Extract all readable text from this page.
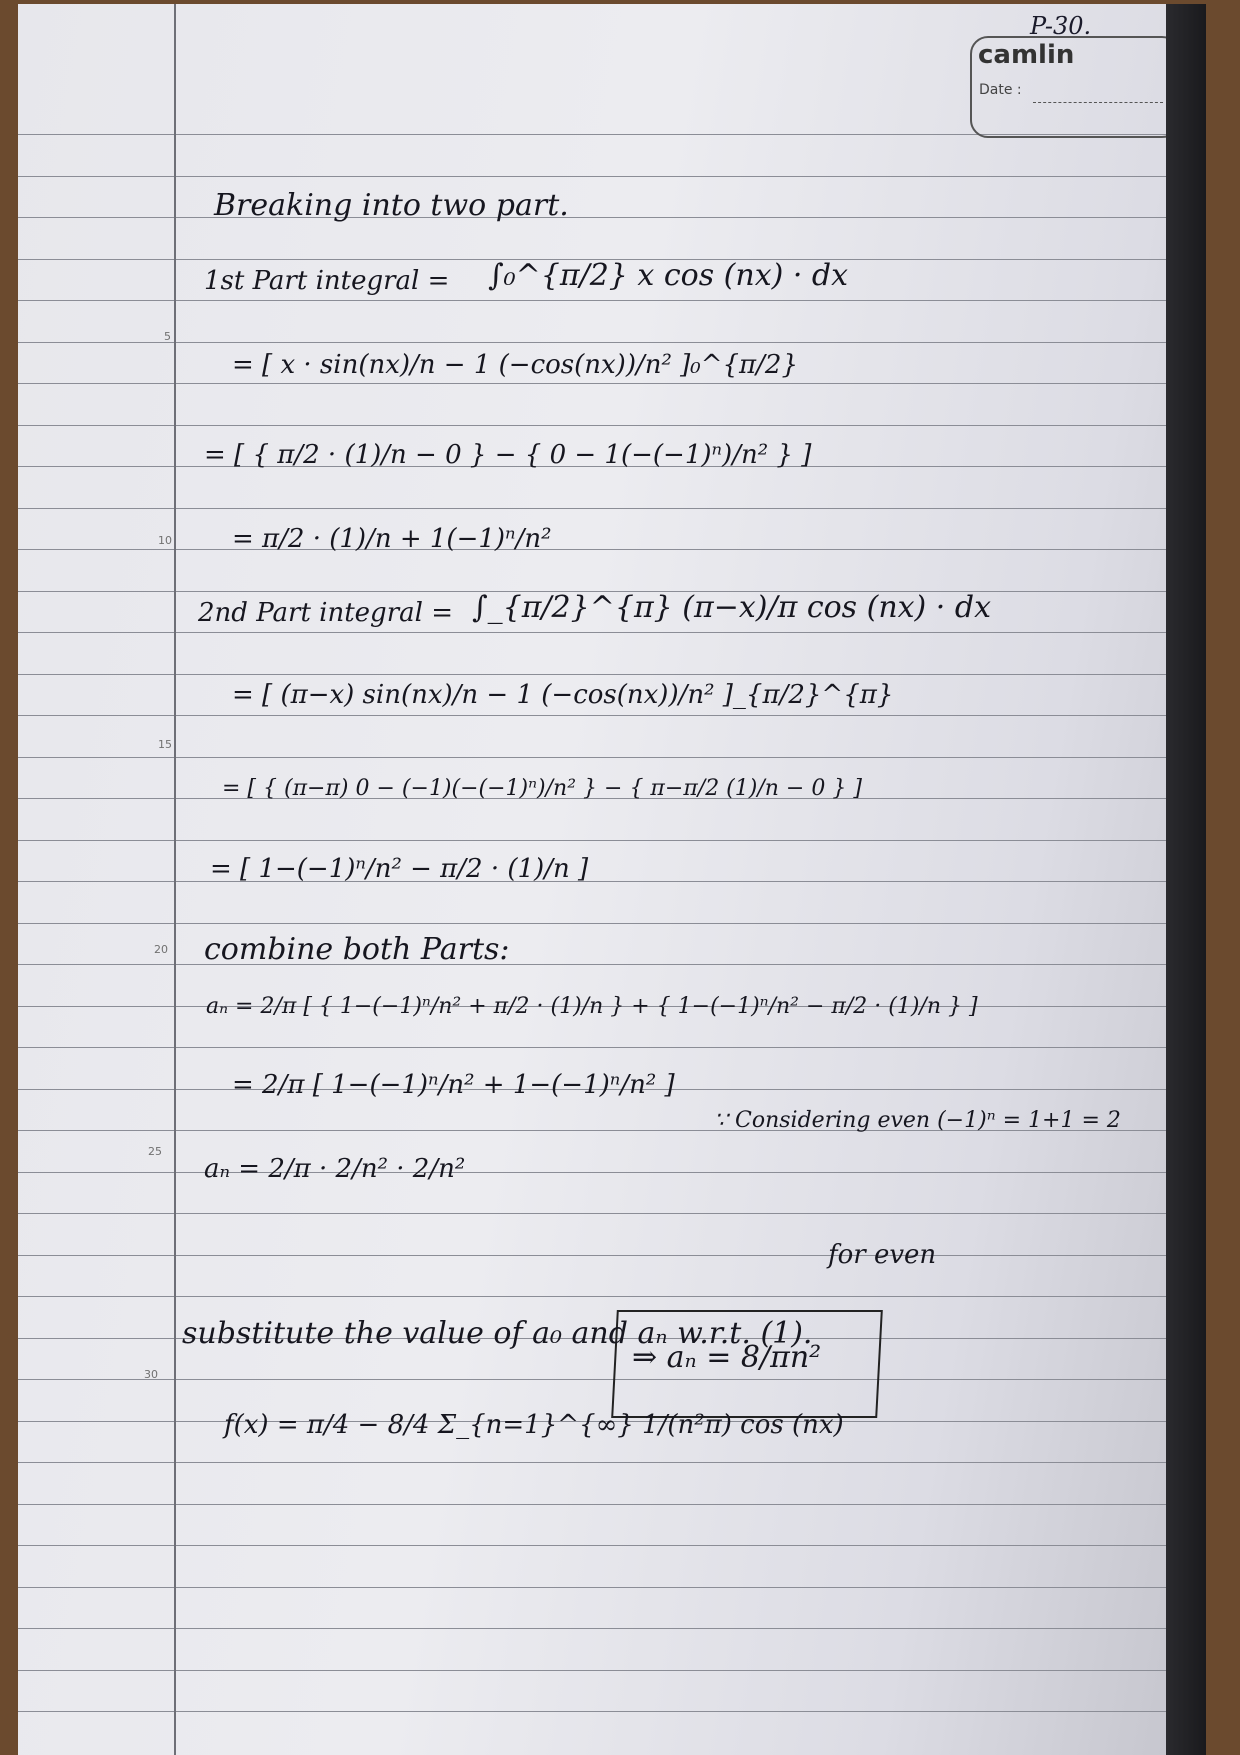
P-30.
camlin
Date :
5
10
15
20
25
30
Breaking into two part.
1st Part integral = ∫₀^{π/2} x cos (nx) · dx
= [ x · sin(nx)/n − 1 (−cos(nx))/n² ]₀^{π/2}
= [ { π/2 · (1)/n − 0 } − { 0 − 1(−(−1)ⁿ)/n² } ]
= π/2 · (1)/n + 1(−1)ⁿ/n²
2nd Part integral = ∫_{π/2}^{π} (π−x)/π cos (nx) · dx
= [ (π−x) sin(nx)/n − 1 (−cos(nx))/n² ]_{π/2}^{π}
= [ { (π−π) 0 − (−1)(−(−1)ⁿ)/n² } − { π−π/2 (1)/n − 0 } ]
= [ 1−(−1)ⁿ/n² − π/2 · (1)/n ]
combine both Parts:
aₙ = 2/π [ { 1−(−1)ⁿ/n² + π/2 · (1)/n } + { 1−(−1)ⁿ/n² − π/2 · (1)/n } ]
= 2/π [ 1−(−1)ⁿ/n² + 1−(−1)ⁿ/n² ]
∵ Considering even (−1)ⁿ = 1+1 = 2
aₙ = 2/π · 2/n² · 2/n²
⇒ aₙ = 8/πn²
for even
substitute the value of a₀ and aₙ w.r.t. (1).
f(x) = π/4 − 8/4 Σ_{n=1}^{∞} 1/(n²π) cos (nx)
